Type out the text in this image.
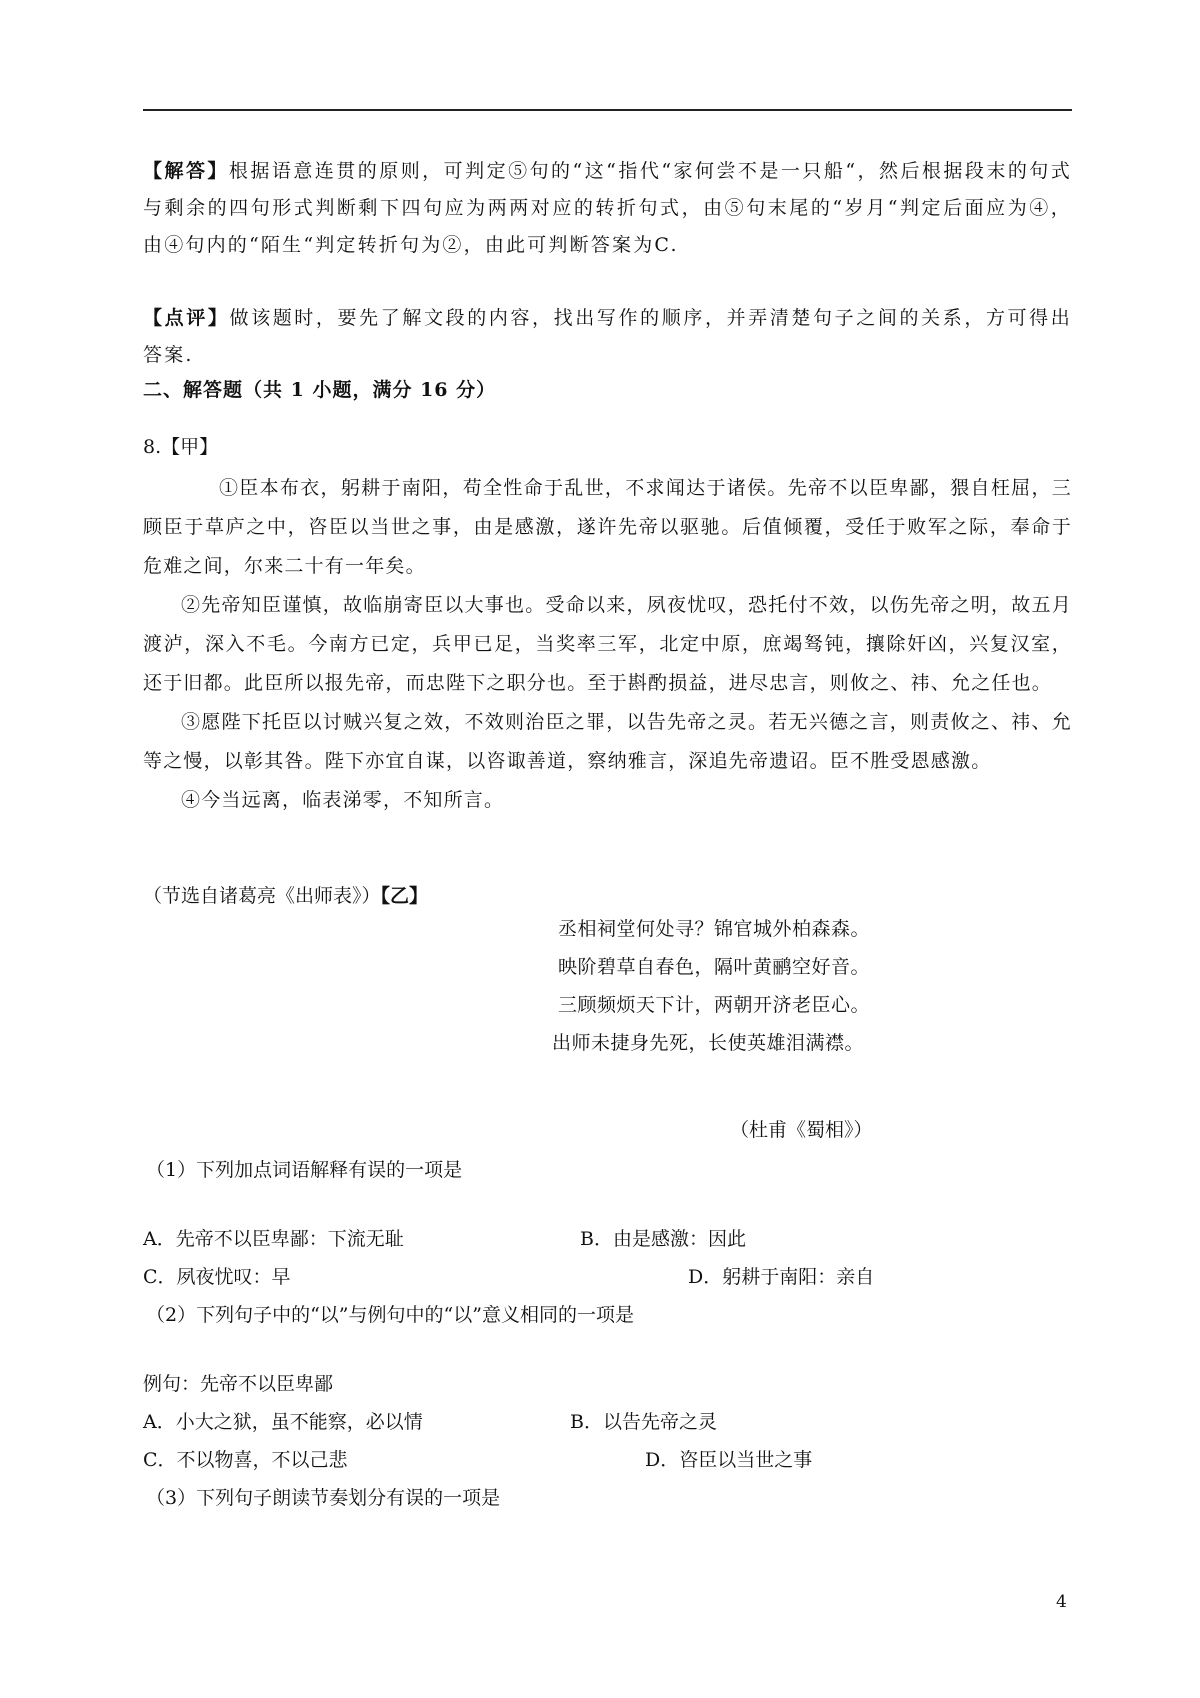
【解答】根据语意连贯的原则，可判定⑤句的“这“指代“家何尝不是一只船“，然后根据段末的句式与剩余的四句形式判断剩下四句应为两两对应的转折句式，由⑤句末尾的“岁月“判定后面应为④，由④句内的“陌生“判定转折句为②，由此可判断答案为C.

【点评】做该题时，要先了解文段的内容，找出写作的顺序，并弄清楚句子之间的关系，方可得出答案.

二、解答题（共 1 小题，满分 16 分）
8.【甲】

①臣本布衣，躬耕于南阳，苟全性命于乱世，不求闻达于诸侯。先帝不以臣卑鄙，猥自枉屈，三顾臣于草庐之中，咨臣以当世之事，由是感激，遂许先帝以驱驰。后值倾覆，受任于败军之际，奉命于危难之间，尔来二十有一年矣。

②先帝知臣谨慎，故临崩寄臣以大事也。受命以来，夙夜忧叹，恐托付不效，以伤先帝之明，故五月渡泸，深入不毛。今南方已定，兵甲已足，当奖率三军，北定中原，庶竭驽钝，攘除奸凶，兴复汉室，还于旧都。此臣所以报先帝，而忠陛下之职分也。至于斟酌损益，进尽忠言，则攸之、祎、允之任也。

③愿陛下托臣以讨贼兴复之效，不效则治臣之罪，以告先帝之灵。若无兴德之言，则责攸之、祎、允等之慢，以彰其咎。陛下亦宜自谋，以咨诹善道，察纳雅言，深追先帝遗诏。臣不胜受恩感激。

④今当远离，临表涕零，不知所言。

（节选自诸葛亮《出师表》）【乙】
丞相祠堂何处寻？锦官城外柏森森。
映阶碧草自春色，隔叶黄鹂空好音。
三顾频烦天下计，两朝开济老臣心。
出师未捷身先死，长使英雄泪满襟。
（杜甫《蜀相》）
（1）下列加点词语解释有误的一项是
A．先帝不以臣卑鄙：下流无耻	B．由是感激：因此
C．夙夜忧叹：早	D．躬耕于南阳：亲自
（2）下列句子中的“以”与例句中的“以”意义相同的一项是
例句：先帝不以臣卑鄙
A．小大之狱，虽不能察，必以情	B．以告先帝之灵
C．不以物喜，不以己悲	D．咨臣以当世之事
（3）下列句子朗读节奏划分有误的一项是
4
